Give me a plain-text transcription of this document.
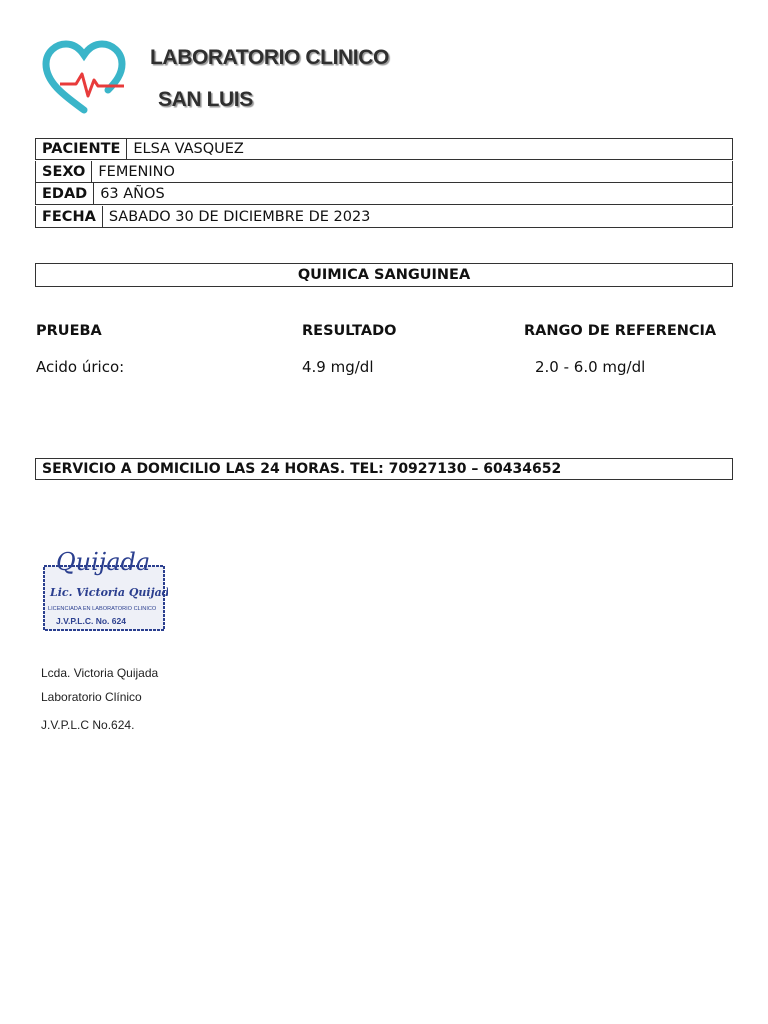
LABORATORIO CLINICO
SAN LUIS
PACIENTE ELSA VASQUEZ
SEXO FEMENINO
EDAD 63 AÑOS
FECHA SABADO 30 DE DICIEMBRE DE 2023
QUIMICA SANGUINEA
PRUEBA	RESULTADO	RANGO DE REFERENCIA
Acido úrico:	4.9 mg/dl	2.0 - 6.0 mg/dl
SERVICIO A DOMICILIO LAS 24 HORAS. TEL: 70927130 – 60434652
Quijada
Lic. Victoria Quijada
LICENCIADA EN LABORATORIO CLINICO
J.V.P.L.C. No. 624
Lcda. Victoria Quijada
Laboratorio Clínico
J.V.P.L.C No.624.
